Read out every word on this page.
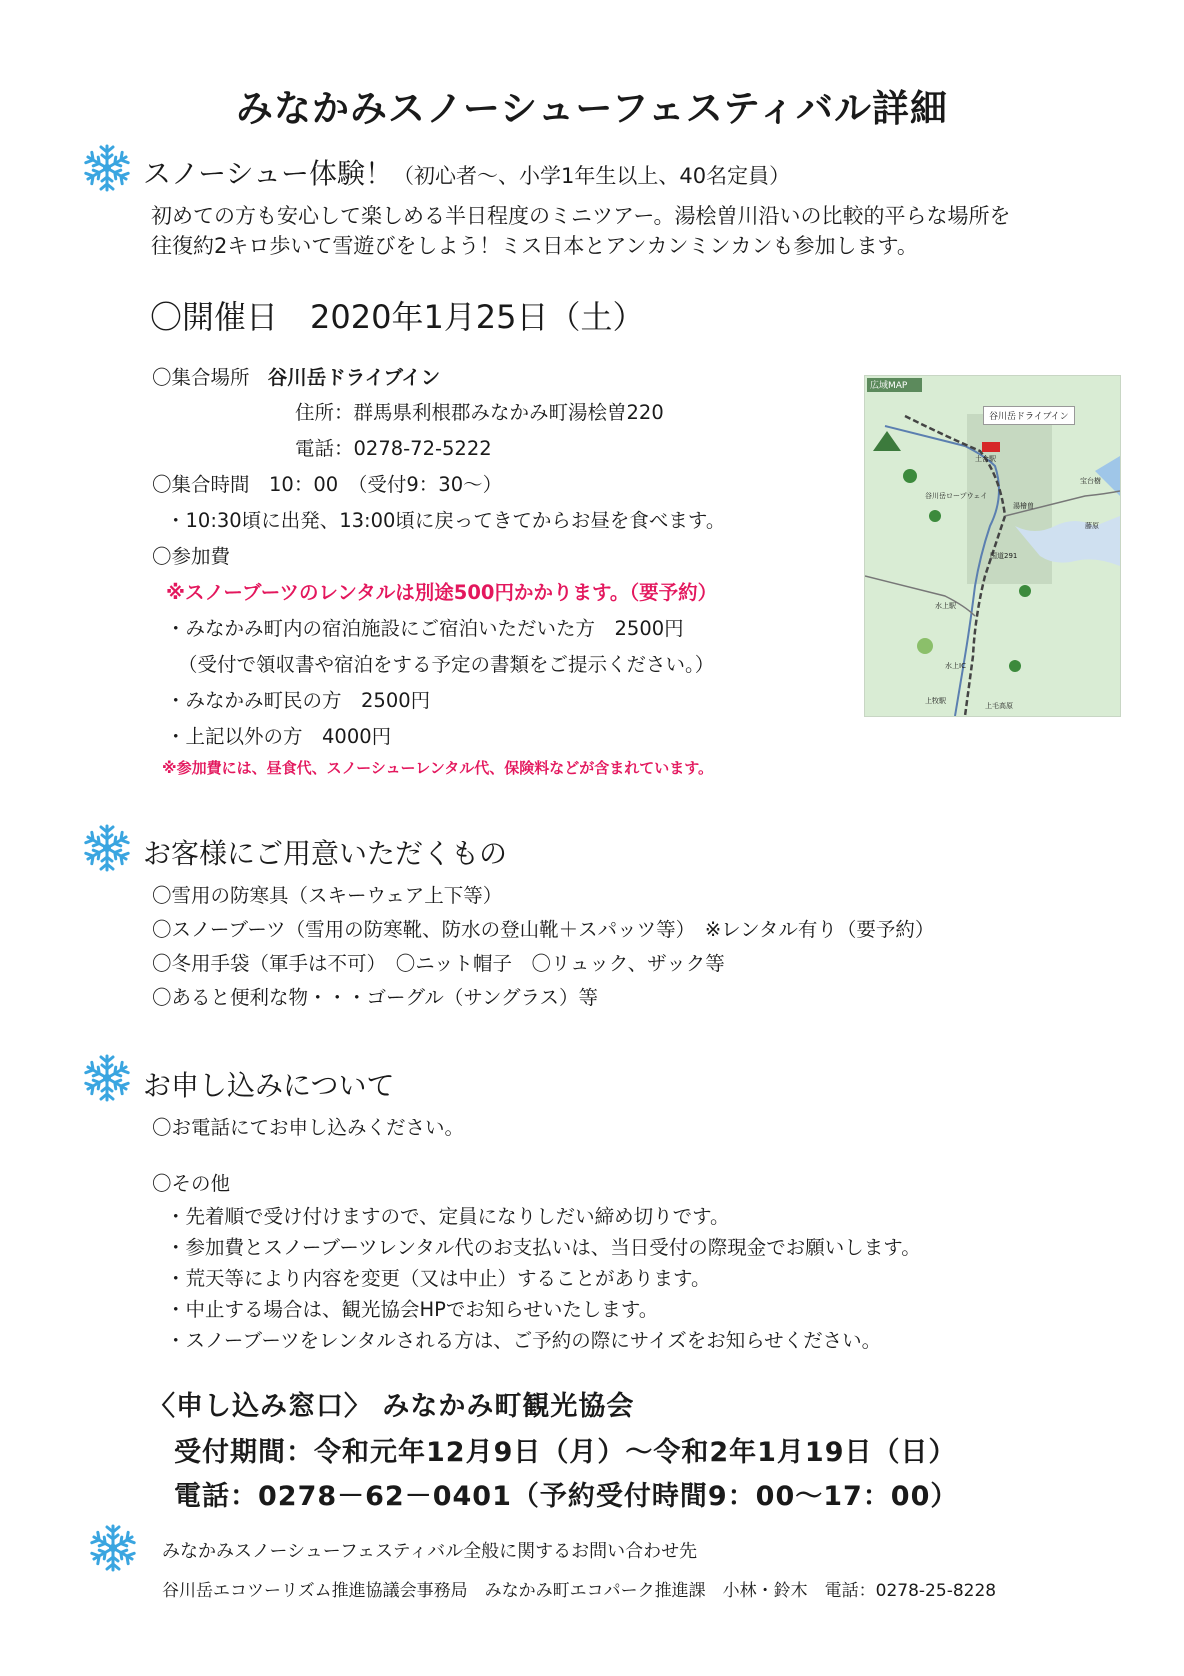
みなかみスノーシューフェスティバル詳細
スノーシュー体験！（初心者～、小学1年生以上、40名定員）
初めての方も安心して楽しめる半日程度のミニツアー。湯桧曽川沿いの比較的平らな場所を
往復約2キロ歩いて雪遊びをしよう！ミス日本とアンカンミンカンも参加します。
〇開催日　2020年1月25日（土）
〇集合場所 谷川岳ドライブイン
住所：群馬県利根郡みなかみ町湯桧曽220
電話：0278-72-5222
〇集合時間　10：00　（受付9：30～）
・10:30頃に出発、13:00頃に戻ってきてからお昼を食べます。
〇参加費
※スノーブーツのレンタルは別途500円かかります。（要予約）
・みなかみ町内の宿泊施設にご宿泊いただいた方　2500円
（受付で領収書や宿泊をする予定の書類をご提示ください。）
・みなかみ町民の方　2500円
・上記以外の方　4000円
※参加費には、昼食代、スノーシューレンタル代、保険料などが含まれています。
広域MAP
谷川岳ドライブイン
土合駅
谷川岳ロープウェイ
湯檜曽
国道291
水上IC
上牧駅
宝台樹
藤原
水上駅
上毛高原
お客様にご用意いただくもの
〇雪用の防寒具（スキーウェア上下等）
〇スノーブーツ（雪用の防寒靴、防水の登山靴＋スパッツ等）　※レンタル有り（要予約）
〇冬用手袋（軍手は不可）　〇ニット帽子　〇リュック、ザック等
〇あると便利な物・・・ゴーグル（サングラス）等
お申し込みについて
〇お電話にてお申し込みください。
〇その他
・先着順で受け付けますので、定員になりしだい締め切りです。
・参加費とスノーブーツレンタル代のお支払いは、当日受付の際現金でお願いします。
・荒天等により内容を変更（又は中止）することがあります。
・中止する場合は、観光協会HPでお知らせいたします。
・スノーブーツをレンタルされる方は、ご予約の際にサイズをお知らせください。
〈申し込み窓口〉 みなかみ町観光協会
受付期間：令和元年12月9日（月）～令和2年1月19日（日）
電話：0278－62－0401（予約受付時間9：00～17：00）
みなかみスノーシューフェスティバル全般に関するお問い合わせ先
谷川岳エコツーリズム推進協議会事務局　みなかみ町エコパーク推進課　小林・鈴木　電話：0278-25-8228
